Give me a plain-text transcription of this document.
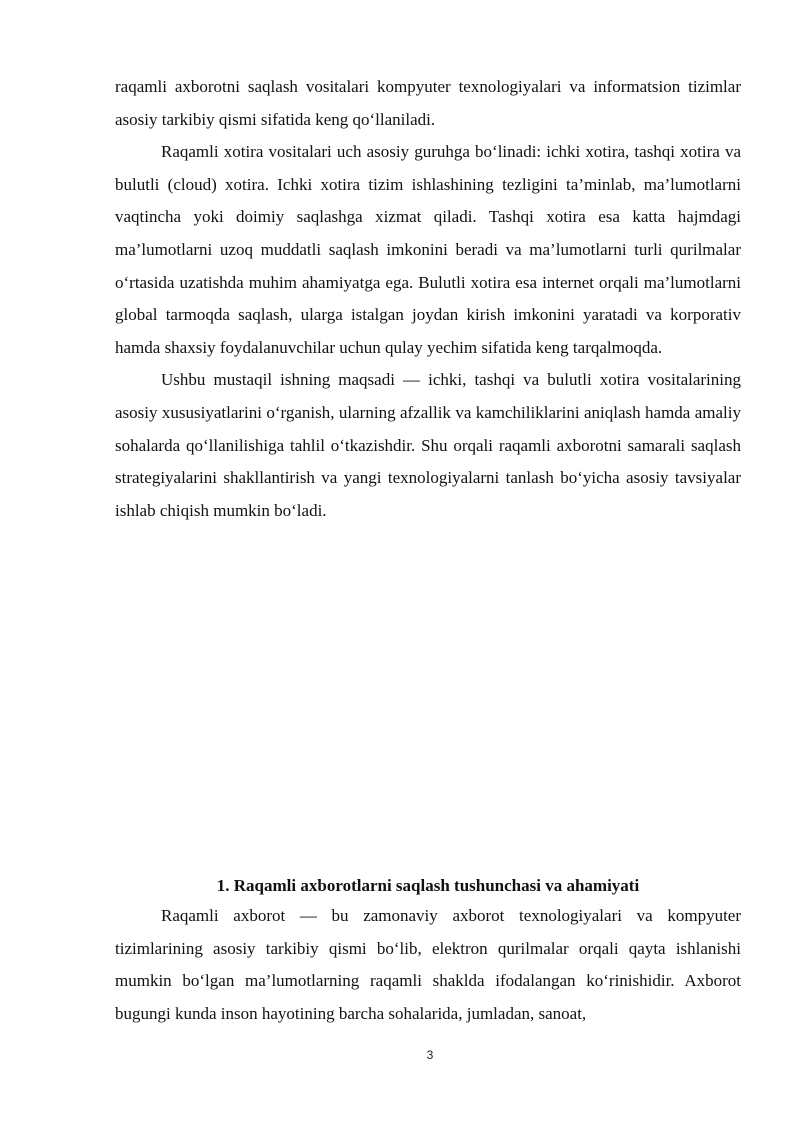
raqamli axborotni saqlash vositalari kompyuter texnologiyalari va informatsion tizimlar asosiy tarkibiy qismi sifatida keng qo‘llaniladi.

Raqamli xotira vositalari uch asosiy guruhga bo‘linadi: ichki xotira, tashqi xotira va bulutli (cloud) xotira. Ichki xotira tizim ishlashining tezligini ta’minlab, ma’lumotlarni vaqtincha yoki doimiy saqlashga xizmat qiladi. Tashqi xotira esa katta hajmdagi ma’lumotlarni uzoq muddatli saqlash imkonini beradi va ma’lumotlarni turli qurilmalar o‘rtasida uzatishda muhim ahamiyatga ega. Bulutli xotira esa internet orqali ma’lumotlarni global tarmoqda saqlash, ularga istalgan joydan kirish imkonini yaratadi va korporativ hamda shaxsiy foydalanuvchilar uchun qulay yechim sifatida keng tarqalmoqda.

Ushbu mustaqil ishning maqsadi — ichki, tashqi va bulutli xotira vositalarining asosiy xususiyatlarini o‘rganish, ularning afzallik va kamchiliklarini aniqlash hamda amaliy sohalarda qo‘llanilishiga tahlil o‘tkazishdir. Shu orqali raqamli axborotni samarali saqlash strategiyalarini shakllantirish va yangi texnologiyalarni tanlash bo‘yicha asosiy tavsiyalar ishlab chiqish mumkin bo‘ladi.

1. Raqamli axborotlarni saqlash tushunchasi va ahamiyati

Raqamli axborot — bu zamonaviy axborot texnologiyalari va kompyuter tizimlarining asosiy tarkibiy qismi bo‘lib, elektron qurilmalar orqali qayta ishlanishi mumkin bo‘lgan ma’lumotlarning raqamli shaklda ifodalangan ko‘rinishidir. Axborot bugungi kunda inson hayotining barcha sohalarida, jumladan, sanoat,

3
